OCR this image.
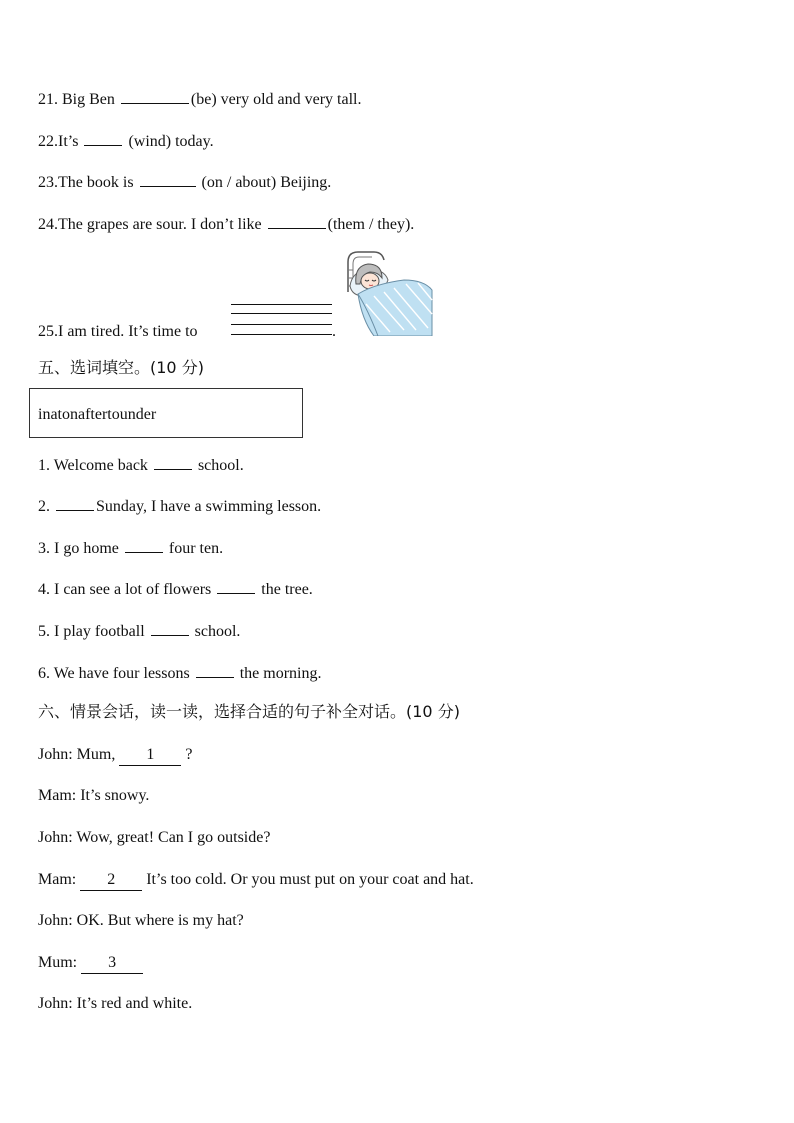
21. Big Ben	(be) very old and very tall.
22.It’s	(wind) today.
23.The book is	(on / about) Beijing.
24.The grapes are sour. I don’t like	(them / they).
25.I am tired. It’s time to	.
五、选词填空。(10 分)
inatonaftertounder
1. Welcome back	school.
2.	Sunday, I have a swimming lesson.
3. I go home	four ten.
4. I can see a lot of flowers	the tree.
5. I play football	school.
6. We have four lessons	the morning.
六、情景会话，读一读，选择合适的句子补全对话。(10 分)
John: Mum, 1 ?
Mam: It’s snowy.
John: Wow, great! Can I go outside?
Mam: 2 It’s too cold. Or you must put on your coat and hat.
John: OK. But where is my hat?
Mum: 3
John: It’s red and white.
